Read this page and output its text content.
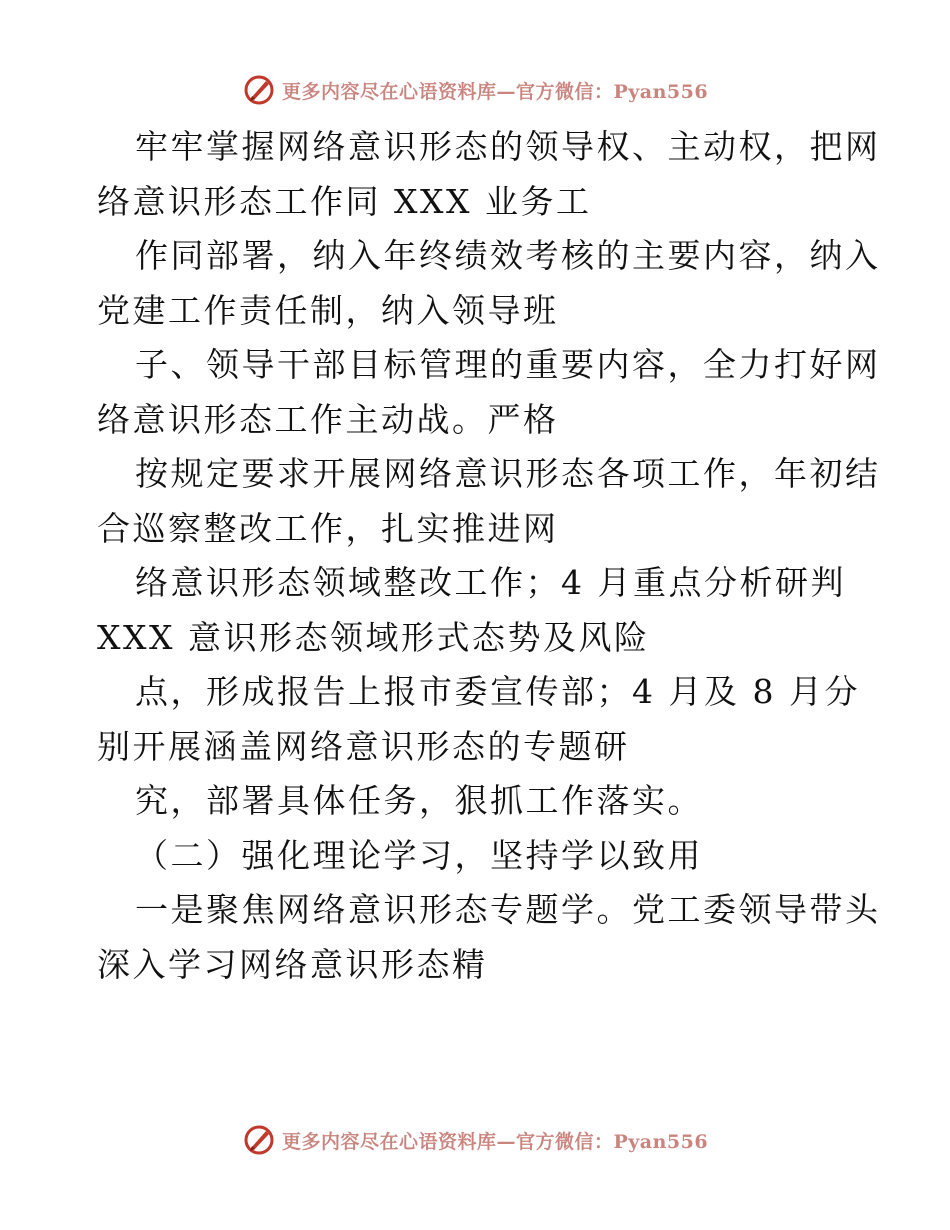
更多内容尽在心语资料库—官方微信：Pyan556
牢牢掌握网络意识形态的领导权、主动权，把网
络意识形态工作同 XXX 业务工
作同部署，纳入年终绩效考核的主要内容，纳入
党建工作责任制，纳入领导班
子、领导干部目标管理的重要内容，全力打好网
络意识形态工作主动战。严格
按规定要求开展网络意识形态各项工作，年初结
合巡察整改工作，扎实推进网
络意识形态领域整改工作；4 月重点分析研判
XXX 意识形态领域形式态势及风险
点，形成报告上报市委宣传部；4 月及 8 月分
别开展涵盖网络意识形态的专题研
究，部署具体任务，狠抓工作落实。
（二）强化理论学习，坚持学以致用
一是聚焦网络意识形态专题学。党工委领导带头
深入学习网络意识形态精
更多内容尽在心语资料库—官方微信：Pyan556
